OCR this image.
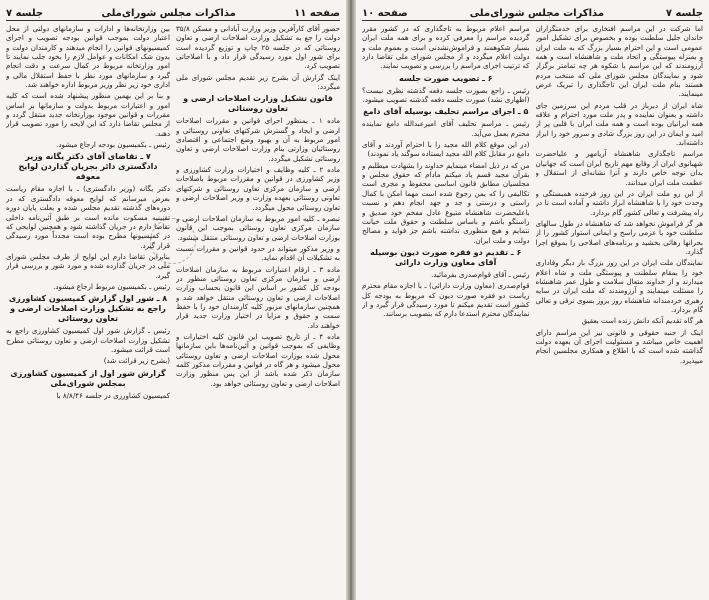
صفحه ۱۱
مذاکرات مجلس شورای‌ملی
جلسه ۷

حضور آقای کارآفرین وزیر وزارت آبادانی و مسکن ۳۵/۸ دولت را جع به تشکیل وزارت اصلاحات ارضی و تعاون روستائی که در جلسه ۲۵ چاپ و توزیع گردیده است برای شور اول مورد رسیدگی قرار داد و با اصلاحاتی تصویب کرد.

اینک گزارش آن بشرح زیر تقدیم مجلس شورای ملی میگردد:

قانون تشکیل وزارت اصلاحات ارضی و تعاون روستائی

ماده ۱ ـ بمنظور اجرای قوانین و مقررات اصلاحات ارضی و ایجاد و گسترش شرکتهای تعاونی روستائی و امور مربوط به آن و بهبود وضع اجتماعی و اقتصادی روستائیان وزارتی بنام وزارت اصلاحات ارضی و تعاون روستائی تشکیل میگردد.

ماده ۲ ـ کلیه وظایف و اختیارات وزارت کشاورزی و وزیر کشاورزی در قوانین و مقررات مربوط باصلاحات ارضی و سازمان مرکزی تعاون روستائی و شرکتهای تعاونی روستائی بعهده وزارت و وزیر اصلاحات ارضی و تعاون روستائی محول میگردد.

تبصره ـ کلیه امور مربوط به سازمان اصلاحات ارضی و سازمان مرکزی تعاون روستائی بموجب این قانون بوزارت اصلاحات ارضی و تعاون روستائی منتقل میشود.

و وزیر مذکور میتواند در حدود قوانین و مقررات نسبت به تشکیلات آن اقدام نماید.

ماده ۳ ـ ارقام اعتبارات مربوط به سازمان اصلاحات ارضی و سازمان مرکزی تعاون روستائی منظور در بودجه کل کشور بر اساس این قانون بحساب وزارت اصلاحات ارضی و تعاون روستائی منتقل خواهد شد و همچنین سازمانهای مزبور کلیه کارمندان خود را با حفظ سمت و حقوق و مزایا در اختیار وزارت جدید قرار خواهند داد.

ماده ۴ ـ از تاریخ تصویب این قانون کلیه اختیارات و وظایفی که بموجب قوانین و آئین‌نامه‌ها باین سازمانها محول شده بوزارت اصلاحات ارضی و تعاون روستائی محول میشود و هر گاه در قوانین و مقررات مذکور کلمه سازمان ذکر شده باشد از این پس منظور وزارت اصلاحات ارضی و تعاون روستائی خواهد بود.

بین وزارتخانه‌ها و ادارات و سازمانهای دولتی از محل اعتبار دولت بموجب قوانین بودجه تصویب و اجرای کمیسیونهای قوانین را انجام میدهند و کارمندان دولت و بدون شک امکانات و عوامل لازم را بخود جلب نمایند تا امور وزارتخانه مربوط در کمال سرعت و دقت انجام گیرد و سازمانهای مورد نظر با حفظ استقلال مالی و اداری خود زیر نظر وزیر مربوط اداره خواهند شد.

و بنا بر این بهمین منظور پیشنهاد شده است که کلیه امور و اعتبارات مربوط بدولت و سازمانها بر اساس مقررات و قوانین موجود بوزارتخانه جدید منتقل گردد و از مجلس تقاضا دارد که این لایحه را مورد تصویب قرار دهند.

رئیس ـ بکمیسیون بودجه ارجاع میشود.

۷ ـ تقاضای آقای دکتر یگانه وزیر دادگستری دائر بجریان گذاردن لوایح معوقه

دکتر یگانه (وزیر دادگستری) ـ با اجازه مقام ریاست بعرض میرسانم که لوایح معوقه دادگستری که در دوره‌های گذشته تقدیم مجلس شده و بعلت پایان دوره تقنینیه مسکوت مانده است بر طبق آئین‌نامه داخلی تقاضا دارم در جریان گذاشته شود و همچنین لوایحی که در کمیسیونها مطرح بوده است مجدداً مورد رسیدگی قرار گیرد.

بنابراین تقاضا دارم این لوایح از طرف مجلس شورای ملی در جریان گذارده شده و مورد شور و بررسی قرار گیرد.

رئیس ـ بکمیسیون مربوط ارجاع میشود.

۸ ـ شور اول گزارش کمیسیون کشاورزی راجع به تشکیل وزارت اصلاحات ارضی و تعاون روستائی

رئیس ـ گزارش شور اول کمیسیون کشاورزی راجع به تشکیل وزارت اصلاحات ارضی و تعاون روستائی مطرح است قرائت میشود.

(بشرح زیر قرائت شد)

گزارش شور اول از کمیسیون کشاورزی بمجلس شورای‌ملی

کمیسیون کشاورزی در جلسه ۸/۸/۴۶ با

جلسه ۷
مذاکرات مجلس شورای‌ملی
صفحه ۱۰

اما شرکت در این مراسم افتخاری برای خدمتگزاران خاندان جلیل سلطنت بوده و بخصوص برای تشکیل امور عمومی است و این احترام بسیار بزرگ که به ملت ایران و بمنزله پیوستگی و اتحاد ملت و شاهنشاه است و همه آرزومندند که این مراسم با شکوه هر چه تمامتر برگزار شود و نمایندگان مجلس شورای ملی که منتخب مردم هستند بنام ملت ایران این تاجگذاری را تبریک عرض مینمایند.

شاه ایران از دیرباز در قلب مردم این سرزمین جای داشته و بعنوان نماینده و پدر ملت مورد احترام و علاقه همه ایرانیان بوده است و همه ملت ایران با قلبی پر از امید و ایمان در این روز بزرگ شادی و سرور خود را ابراز داشته‌اند.

مراسم تاجگذاری شاهنشاه آریامهر و علیاحضرت شهبانوی ایران از وقایع مهم تاریخ ایران است که جهانیان بدان توجه خاص دارند و آنرا نشانه‌ای از استقلال و عظمت ملت ایران میدانند.

از این رو ملت ایران در این روز فرخنده همبستگی و وحدت خود را با شاهنشاه ابراز داشته و آماده است تا در راه پیشرفت و تعالی کشور گام بردارد.

هر گز فراموش نخواهد شد که شاهنشاه در طول سالهای سلطنت خود با عزمی راسخ و ایمانی استوار کشور را از بحرانها رهائی بخشید و برنامه‌های اصلاحی را بموقع اجرا گذارد.

نمایندگان ملت ایران در این روز بزرگ بار دیگر وفاداری خود را بمقام سلطنت و پیوستگی ملت و شاه اعلام میدارند و از خداوند متعال سلامت و طول عمر شاهنشاه را مسئلت مینمایند و آرزومندند که ملت ایران در سایه رهبری خردمندانه شاهنشاه روز بروز بسوی ترقی و تعالی گام بردارد.

هر گاه تقدیم آنکه دانش زنده است بعقیق

اینک از جنبه حقوقی و قانونی نیز این مراسم دارای اهمیت خاص میباشد و مسئولیت اجرای آن بعهده دولت گذاشته شده است که با اطلاع و همکاری مجلسین انجام میپذیرد.

مراسم اعلام مربوط به تاجگذاری که در کشور مقرر گردیده مراسم را معرفی کرده و برای همه ملت ایران بسیار شکوهمند و فراموش‌نشدنی است و بعموم ملت و دولت اعلام میگردد و از مجلس شورای ملی تقاضا دارد که ترتیب اجرای مراسم را بررسی و تصویب نمایند.

۶ ـ تصویب صورت جلسه

رئیس ـ راجع بصورت جلسه دفعه گذشته نظری نیست؟ (اظهاری نشد) صورت جلسه دفعه گذشته تصویب میشود.

۵ ـ اجرای مراسم تحلیف بوسیله آقای دامغ

رئیس ـ مراسم تحلیف آقای امیرعبدالله دامغ نماینده محترم بعمل می‌آید.

(در این موقع کلام الله مجید را با احترام آوردند و آقای دامغ در مقابل کلام الله مجید ایستاده سوگند یاد نمودند)

من که در ذیل امضاء مینمایم خداوند را بشهادت میطلبم و بقرآن مجید قسم یاد میکنم مادام که حقوق مجلس و مجلسیان مطابق قانون اساسی محفوظ و مجری است تکالیفی را که بمن رجوع شده است مهما امکن با کمال راستی و درستی و جد و جهد انجام دهم و نسبت باعلیحضرت شاهنشاه متبوع عادل مفخم خود صدیق و راستگو باشم و باساس سلطنت و حقوق ملت خیانت ننمایم و هیچ منظوری نداشته باشم جز فواید و مصالح دولت و ملت ایران.

۶ ـ تقدیم دو فقره صورت دیون بوسیله آقای معاون وزارت دارائی

رئیس ـ آقای قوام‌صدری بفرمائید.

قوام‌صدری (معاون وزارت دارائی) ـ با اجازه مقام محترم ریاست دو فقره صورت دیون که مربوط به بودجه کل کشور است تقدیم میکنم تا مورد رسیدگی قرار گیرد و از نمایندگان محترم استدعا دارم که بتصویب برسانند.
